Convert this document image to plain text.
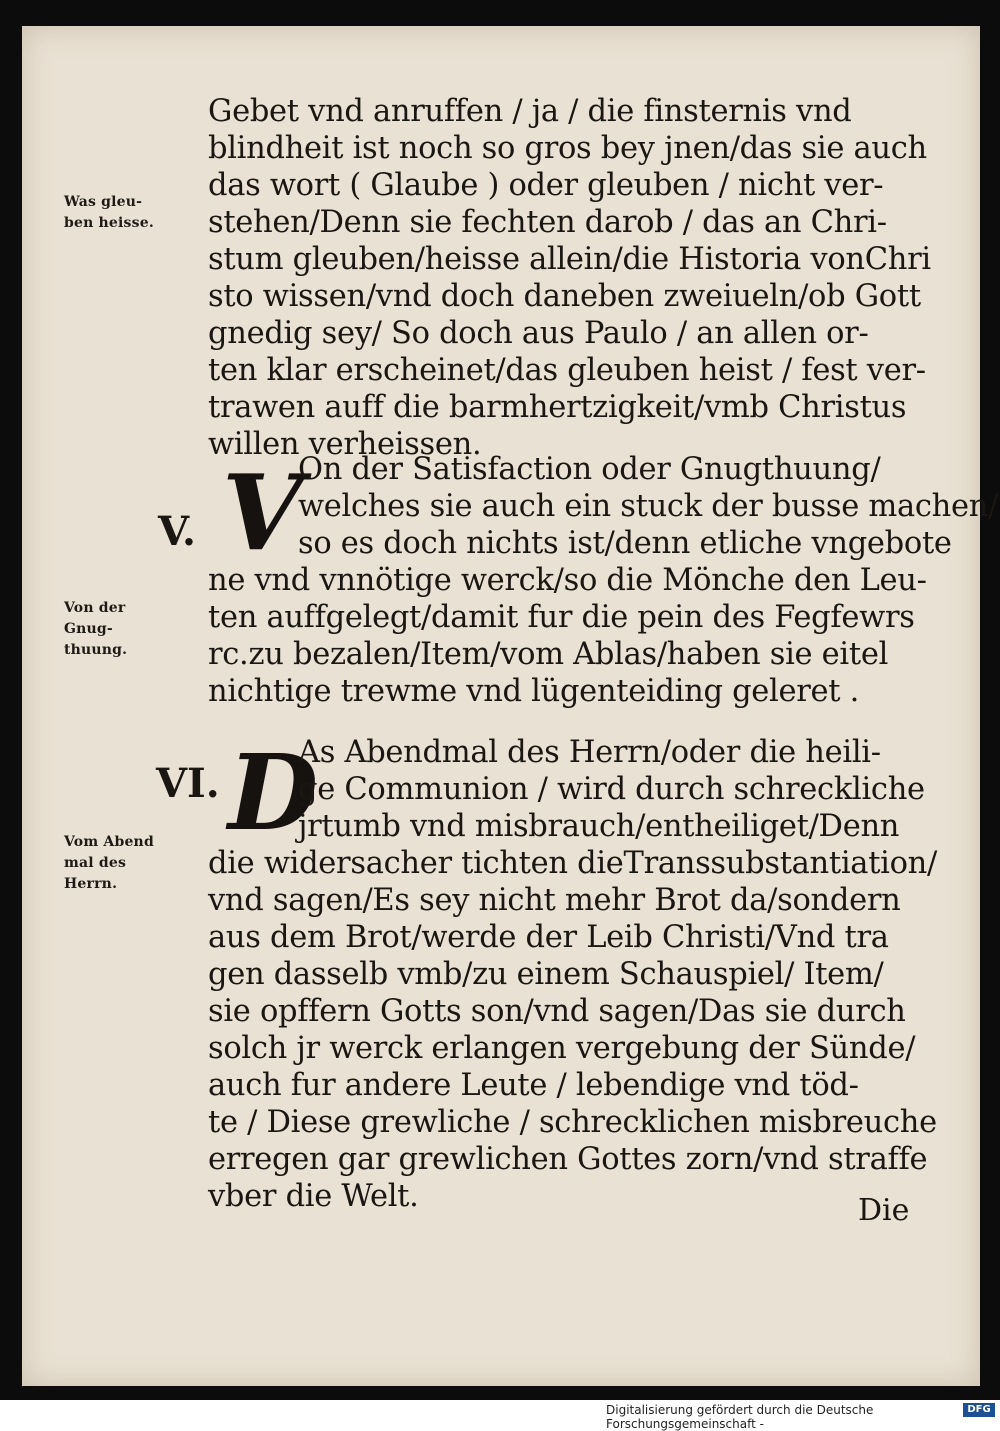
Gebet vnd anruffen / ja / die finsternis vnd
blindheit ist noch so gros bey jnen/das sie auch
das wort ( Glaube ) oder gleuben / nicht ver-
stehen/Denn sie fechten darob / das an Chri-
stum gleuben/heisse allein/die Historia vonChri
sto wissen/vnd doch daneben zweiueln/ob Gott
gnedig sey/ So doch aus Paulo / an allen or-
ten klar erscheinet/das gleuben heist / fest ver-
trawen auff die barmhertzigkeit/vmb Christus
willen verheissen.
Was gleu-
ben heisse.
V. V
On der Satisfaction oder Gnugthuung/
welches sie auch ein stuck der busse machen/
so es doch nichts ist/denn etliche vngebote
ne vnd vnnötige werck/so die Mönche den Leu-
ten auffgelegt/damit fur die pein des Fegfewrs
rc.zu bezalen/Item/vom Ablas/haben sie eitel
nichtige trewme vnd lügenteiding geleret .
Von der
Gnug-
thuung.
VI. D
As Abendmal des Herrn/oder die heili-
ge Communion / wird durch schreckliche
jrtumb vnd misbrauch/entheiliget/Denn
die widersacher tichten dieTranssubstantiation/
vnd sagen/Es sey nicht mehr Brot da/sondern
aus dem Brot/werde der Leib Christi/Vnd tra
gen dasselb vmb/zu einem Schauspiel/ Item/
sie opffern Gotts son/vnd sagen/Das sie durch
solch jr werck erlangen vergebung der Sünde/
auch fur andere Leute / lebendige vnd töd-
te / Diese grewliche / schrecklichen misbreuche
erregen gar grewlichen Gottes zorn/vnd straffe
vber die Welt.
Vom Abend
mal des
Herrn.
Die
Digitalisierung gefördert durch die Deutsche Forschungsgemeinschaft -
DFG
